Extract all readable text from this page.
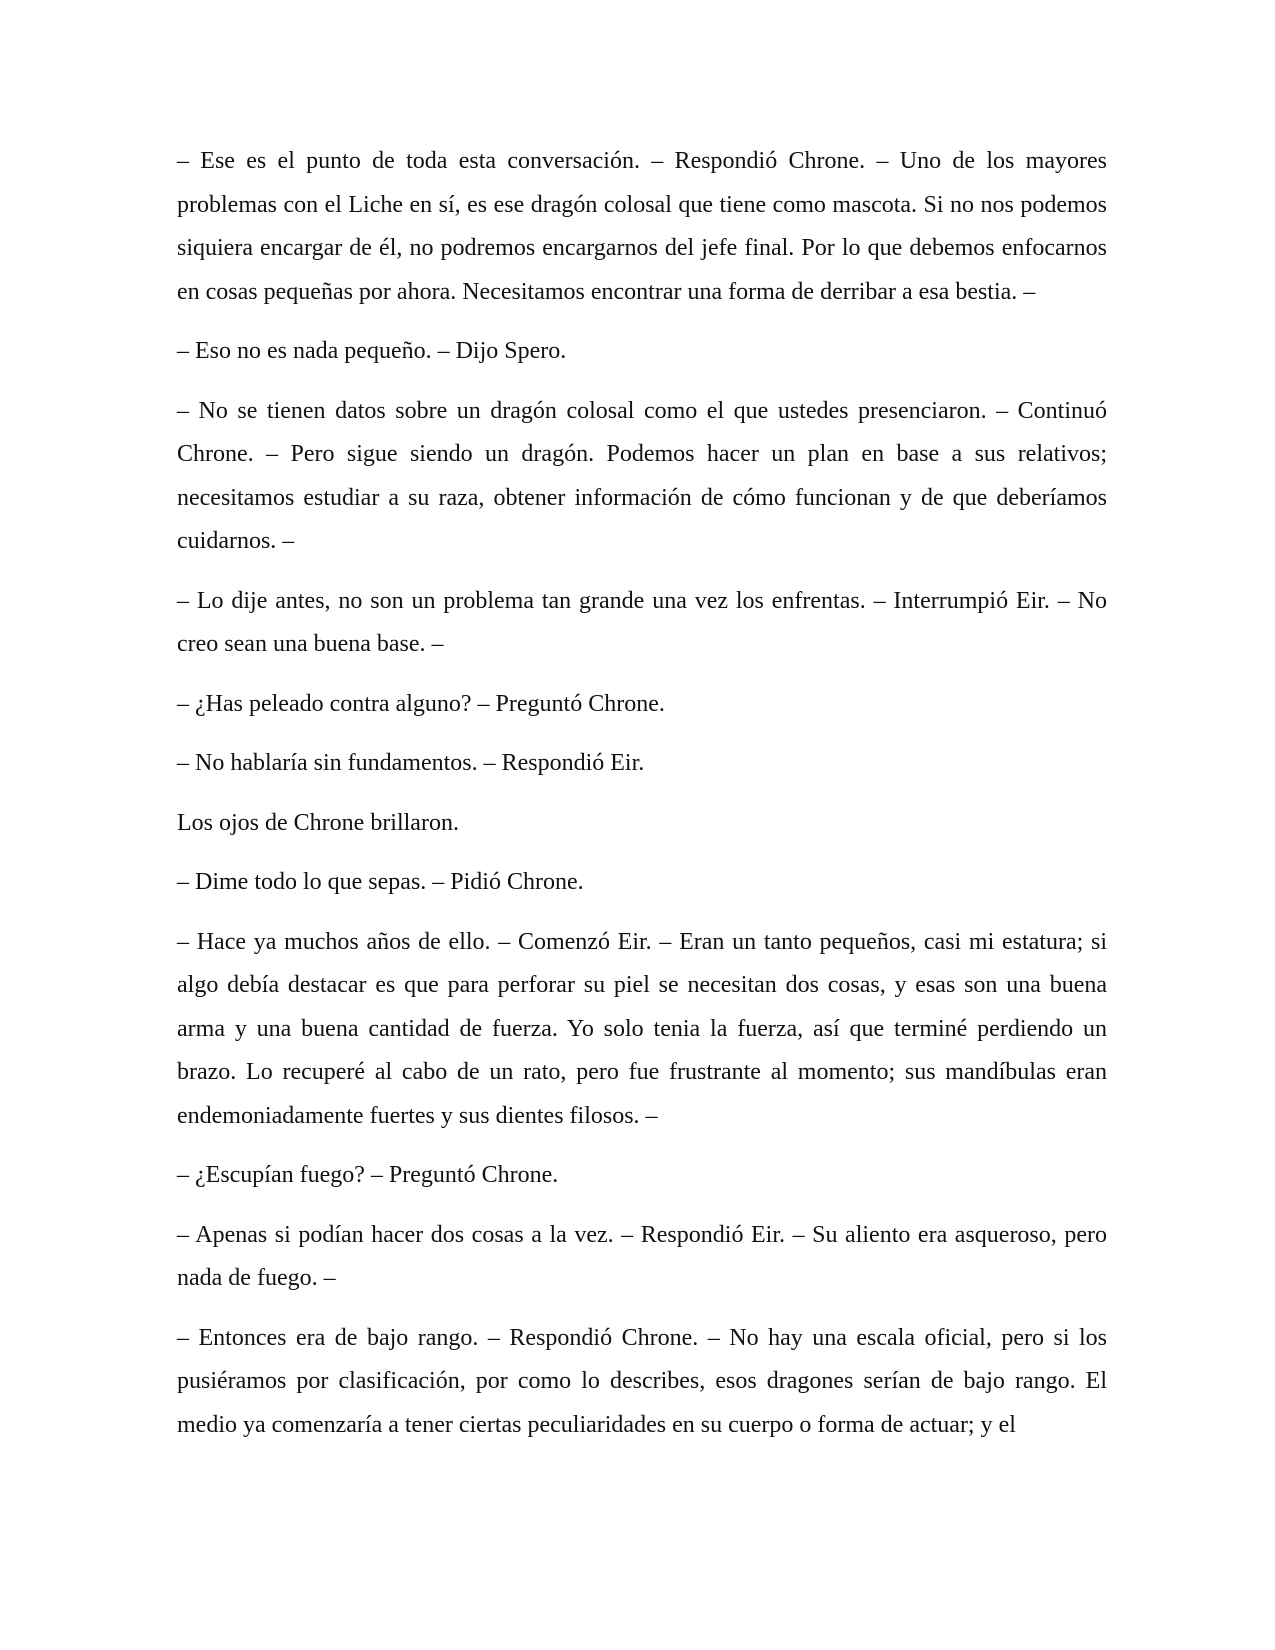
– Ese es el punto de toda esta conversación. – Respondió Chrone. – Uno de los mayores problemas con el Liche en sí, es ese dragón colosal que tiene como mascota. Si no nos podemos siquiera encargar de él, no podremos encargarnos del jefe final. Por lo que debemos enfocarnos en cosas pequeñas por ahora. Necesitamos encontrar una forma de derribar a esa bestia. –

– Eso no es nada pequeño. – Dijo Spero.

– No se tienen datos sobre un dragón colosal como el que ustedes presenciaron. – Continuó Chrone. – Pero sigue siendo un dragón. Podemos hacer un plan en base a sus relativos; necesitamos estudiar a su raza, obtener información de cómo funcionan y de que deberíamos cuidarnos. –

– Lo dije antes, no son un problema tan grande una vez los enfrentas. – Interrumpió Eir. – No creo sean una buena base. –

– ¿Has peleado contra alguno? – Preguntó Chrone.

– No hablaría sin fundamentos. – Respondió Eir.

Los ojos de Chrone brillaron.

– Dime todo lo que sepas. – Pidió Chrone.

– Hace ya muchos años de ello. – Comenzó Eir. – Eran un tanto pequeños, casi mi estatura; si algo debía destacar es que para perforar su piel se necesitan dos cosas, y esas son una buena arma y una buena cantidad de fuerza. Yo solo tenia la fuerza, así que terminé perdiendo un brazo. Lo recuperé al cabo de un rato, pero fue frustrante al momento; sus mandíbulas eran endemoniadamente fuertes y sus dientes filosos. –

– ¿Escupían fuego? – Preguntó Chrone.

– Apenas si podían hacer dos cosas a la vez. – Respondió Eir. – Su aliento era asqueroso, pero nada de fuego. –

– Entonces era de bajo rango. – Respondió Chrone. – No hay una escala oficial, pero si los pusiéramos por clasificación, por como lo describes, esos dragones serían de bajo rango. El medio ya comenzaría a tener ciertas peculiaridades en su cuerpo o forma de actuar; y el
